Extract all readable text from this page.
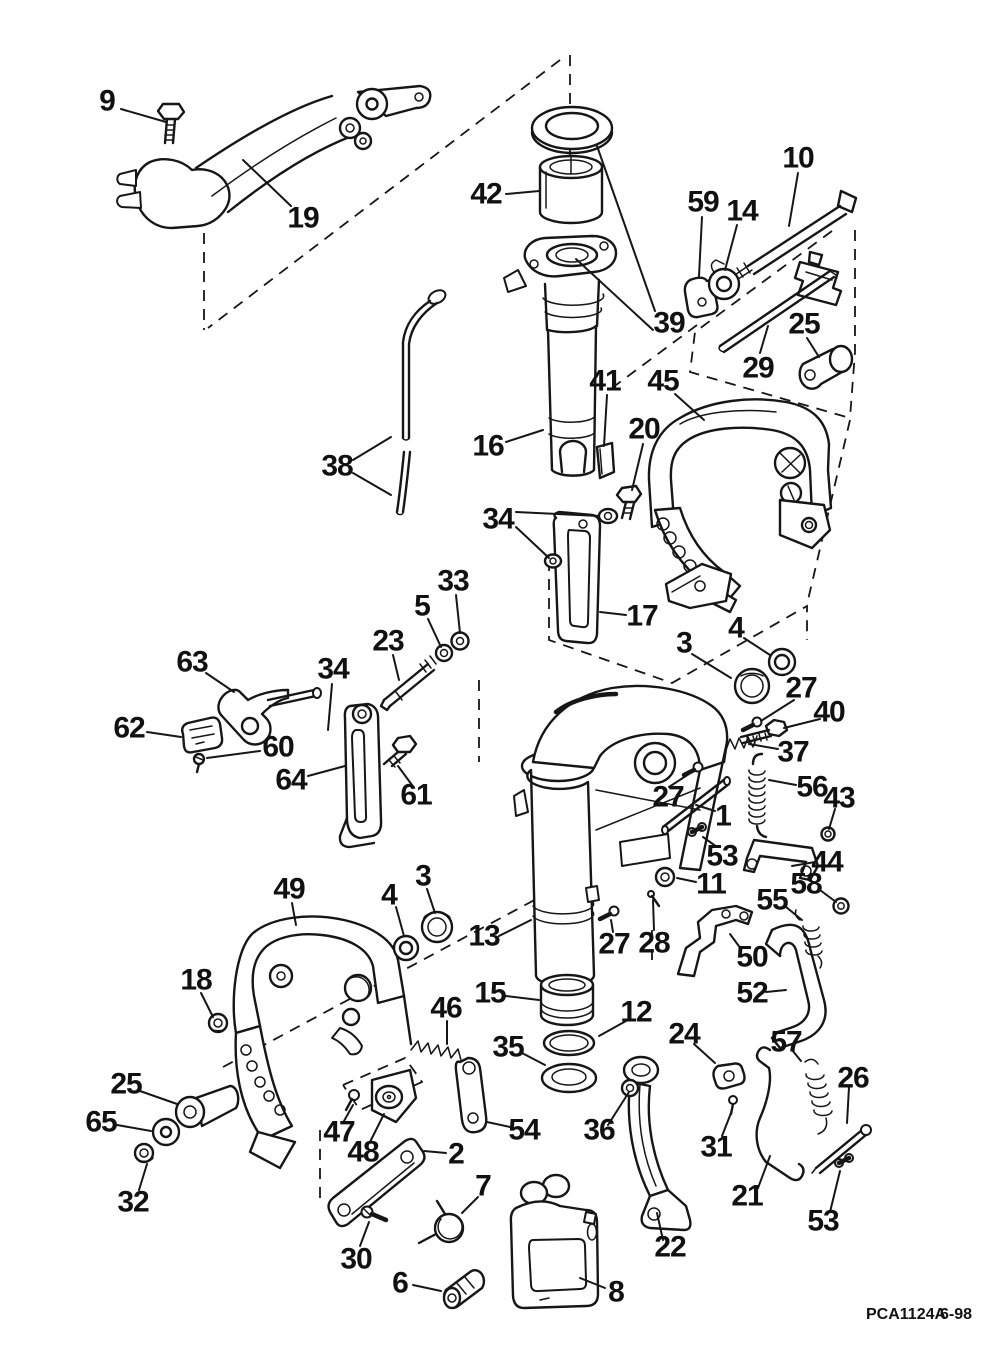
9
19
42
10
59 14
25
29
39
41 45
16
20
38
34
17
33
5
23	3 4
63	34
27
40
62
60	37
64	61	27
1
56
43
53 44
11 58
55
49	4
3
13	27 28 50
18	52
46 15
12
35	24 57
25	26
65	36
31
47
48
54
2
32
30
7
6	8
22
53
21
PCA1124A
6-98
